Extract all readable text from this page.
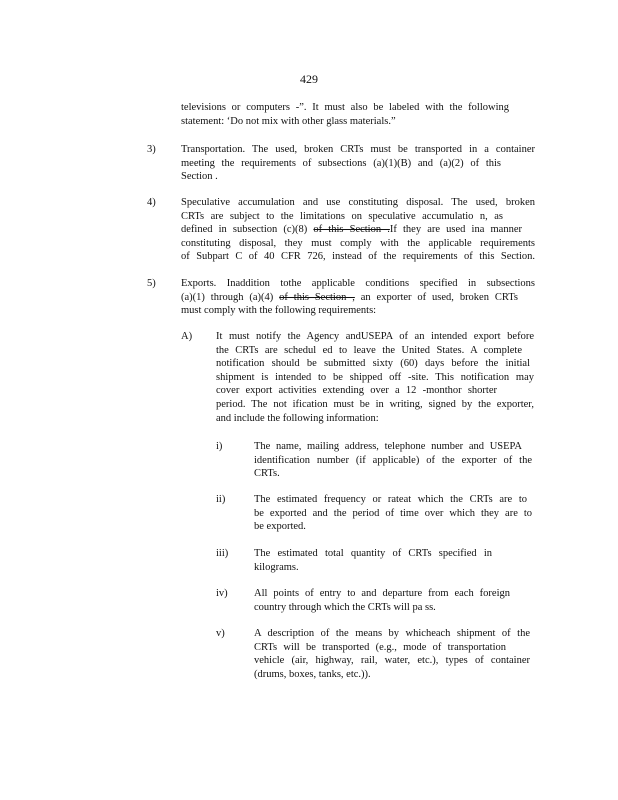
429
televisions or computers -”. It must also be labeled with the following
statement: ‘Do not mix with other glass materials.”
3) Transportation. The used, broken CRTs must be transported in a container
meeting the requirements of subsections (a)(1)(B) and (a)(2) of this
Section .
4) Speculative accumulation and use constituting disposal. The used, broken
CRTs are subject to the limitations on speculative accumulatio n, as
defined in subsection (c)(8) of this Section .If they are used ina manner
constituting disposal, they must comply with the applicable requirements
of Subpart C of 40 CFR 726, instead of the requirements of this Section.
5) Exports. Inaddition tothe applicable conditions specified in subsections
(a)(1) through (a)(4) of this Section , an exporter of used, broken CRTs
must comply with the following requirements:
A) It must notify the Agency andUSEPA of an intended export before
the CRTs are schedul ed to leave the United States. A complete
notification should be submitted sixty (60) days before the initial
shipment is intended to be shipped off -site. This notification may
cover export activities extending over a 12 -monthor shorter
period. The not ification must be in writing, signed by the exporter,
and include the following information:
i)	The name, mailing address, telephone number and USEPA
identification number (if applicable) of the exporter of the
CRTs.
ii)	The estimated frequency or rateat which the CRTs are to
be exported and the period of time over which they are to
be exported.
iii) The estimated total quantity of CRTs specified in
kilograms.
iv)	All points of entry to and departure from each foreign
country through which the CRTs will pa ss.
v)	A description of the means by whicheach shipment of the
CRTs will be transported (e.g., mode of transportation
vehicle (air, highway, rail, water, etc.), types of container
(drums, boxes, tanks, etc.)).
